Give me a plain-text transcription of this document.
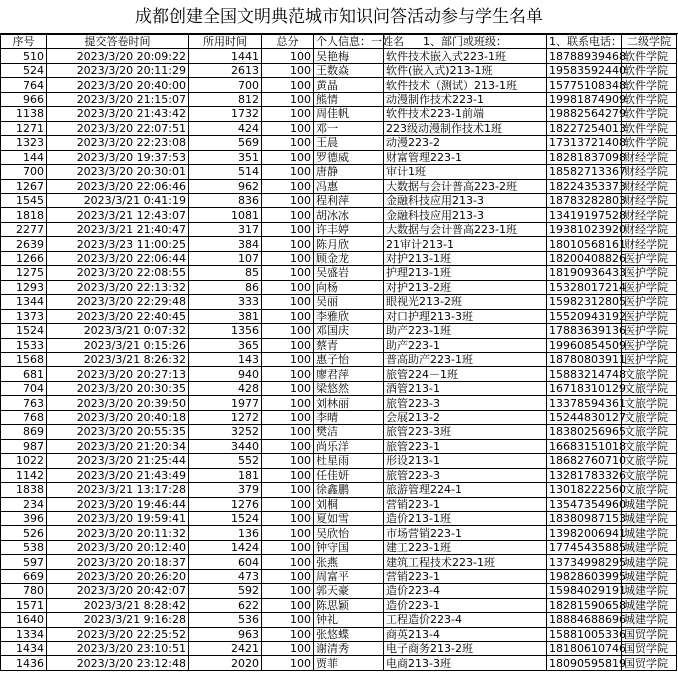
成都创建全国文明典范城市知识问答活动参与学生名单
序号	提交答卷时间	所用时间	总分	个人信息：一姓名	1、部门或班级：	1、联系电话：	二级学院
510	2023/3/20 20:09:22	1441	100	吴艳梅	软件技术嵌入式223-1班	18788939468	软件学院
524	2023/3/20 20:11:29	2613	100	王数焱	软件(嵌入式)213-1班	19583592440	软件学院
764	2023/3/20 20:40:00	700	100	黄晶	软件技术（测试）213-1班	15775108348	软件学院
966	2023/3/20 21:15:07	812	100	熊情	动漫制作技术223-1	19981874909	软件学院
1138	2023/3/20 21:43:42	1732	100	周佳帆	软件技术223-1前端	19882564279	软件学院
1271	2023/3/20 22:07:51	424	100	邓一	223级动漫制作技术1班	18227254013	软件学院
1323	2023/3/20 22:23:08	569	100	王晨	动漫223-2	17313721408	软件学院
144	2023/3/20 19:37:53	351	100	罗德威	财富管理223-1	18281837098	财经学院
700	2023/3/20 20:30:01	514	100	唐静	审计1班	18582713367	财经学院
1267	2023/3/20 22:06:46	962	100	冯惠	大数据与会计普高223-2班	18224353373	财经学院
1545	2023/3/21 0:41:19	836	100	程利萍	金融科技应用213-3	18783282803	财经学院
1818	2023/3/21 12:43:07	1081	100	胡冰冰	金融科技应用213-3	13419197528	财经学院
2277	2023/3/21 21:40:47	317	100	许丰婷	大数据与会计普高223-1班	19381023920	财经学院
2639	2023/3/23 11:00:25	384	100	陈月欣	21审计213-1	18010568161	财经学院
1266	2023/3/20 22:06:44	107	100	顾金龙	对护213-1班	18200408826	医护学院
1275	2023/3/20 22:08:55	85	100	吴盛岩	护理213-1班	18190936433	医护学院
1293	2023/3/20 22:13:32	86	100	向杨	对护213-2班	15328017214	医护学院
1344	2023/3/20 22:29:48	333	100	吴丽	眼视光213-2班	15982312805	医护学院
1373	2023/3/20 22:40:45	381	100	李雅欣	对口护理213-3班	15520943192	医护学院
1524	2023/3/21 0:07:32	1356	100	邓国庆	助产223-1班	17883639136	医护学院
1533	2023/3/21 0:15:26	365	100	蔡青	助产223-1	19960854509	医护学院
1568	2023/3/21 8:26:32	143	100	惠子怡	普高助产223-1班	18780803911	医护学院
681	2023/3/20 20:27:13	940	100	廖君萍	旅管224－1班	15883214748	文旅学院
704	2023/3/20 20:30:35	428	100	梁悠然	酒管213-1	16718310129	文旅学院
763	2023/3/20 20:39:50	1977	100	刘林丽	旅管223-3	13378594361	文旅学院
768	2023/3/20 20:40:18	1272	100	李晴	会展213-2	15244830127	文旅学院
869	2023/3/20 20:55:35	3252	100	樊洁	旅管223-3班	18380256965	文旅学院
987	2023/3/20 21:20:34	3440	100	尚乐洋	旅管223-1	16683151018	文旅学院
1022	2023/3/20 21:25:44	552	100	杜星雨	形设213-1	18682760710	文旅学院
1142	2023/3/20 21:43:49	181	100	任佳妍	旅管223-3	13281783326	文旅学院
1838	2023/3/21 13:17:28	379	100	徐鑫鹏	旅游管理224-1	13018222560	文旅学院
234	2023/3/20 19:46:44	1276	100	刘桐	营销223-1	13547354960	城建学院
396	2023/3/20 19:59:41	1524	100	夏如雪	造价213-1班	18380987153	城建学院
526	2023/3/20 20:11:32	136	100	吴欣怡	市场营销223-1	13982006941	城建学院
538	2023/3/20 20:12:40	1424	100	钟守国	建工223-1班	17745435885	城建学院
597	2023/3/20 20:18:37	604	100	张燕	建筑工程技术223-1班	13734998295	城建学院
669	2023/3/20 20:26:20	473	100	周富平	营销223-1	19828603995	城建学院
780	2023/3/20 20:42:07	592	100	郭天豪	造价223-4	15984029191	城建学院
1571	2023/3/21 8:28:42	622	100	陈思颖	造价223-1	18281590658	城建学院
1640	2023/3/21 9:16:28	536	100	钟礼	工程造价223-4	18884688696	城建学院
1334	2023/3/20 22:25:52	963	100	张悠蝶	商英213-4	15881005336	国贸学院
1434	2023/3/20 23:10:51	2421	100	谢清秀	电子商务213-2班	18180610746	国贸学院
1436	2023/3/20 23:12:48	2020	100	贾菲	电商213-3班	18090595819	国贸学院
